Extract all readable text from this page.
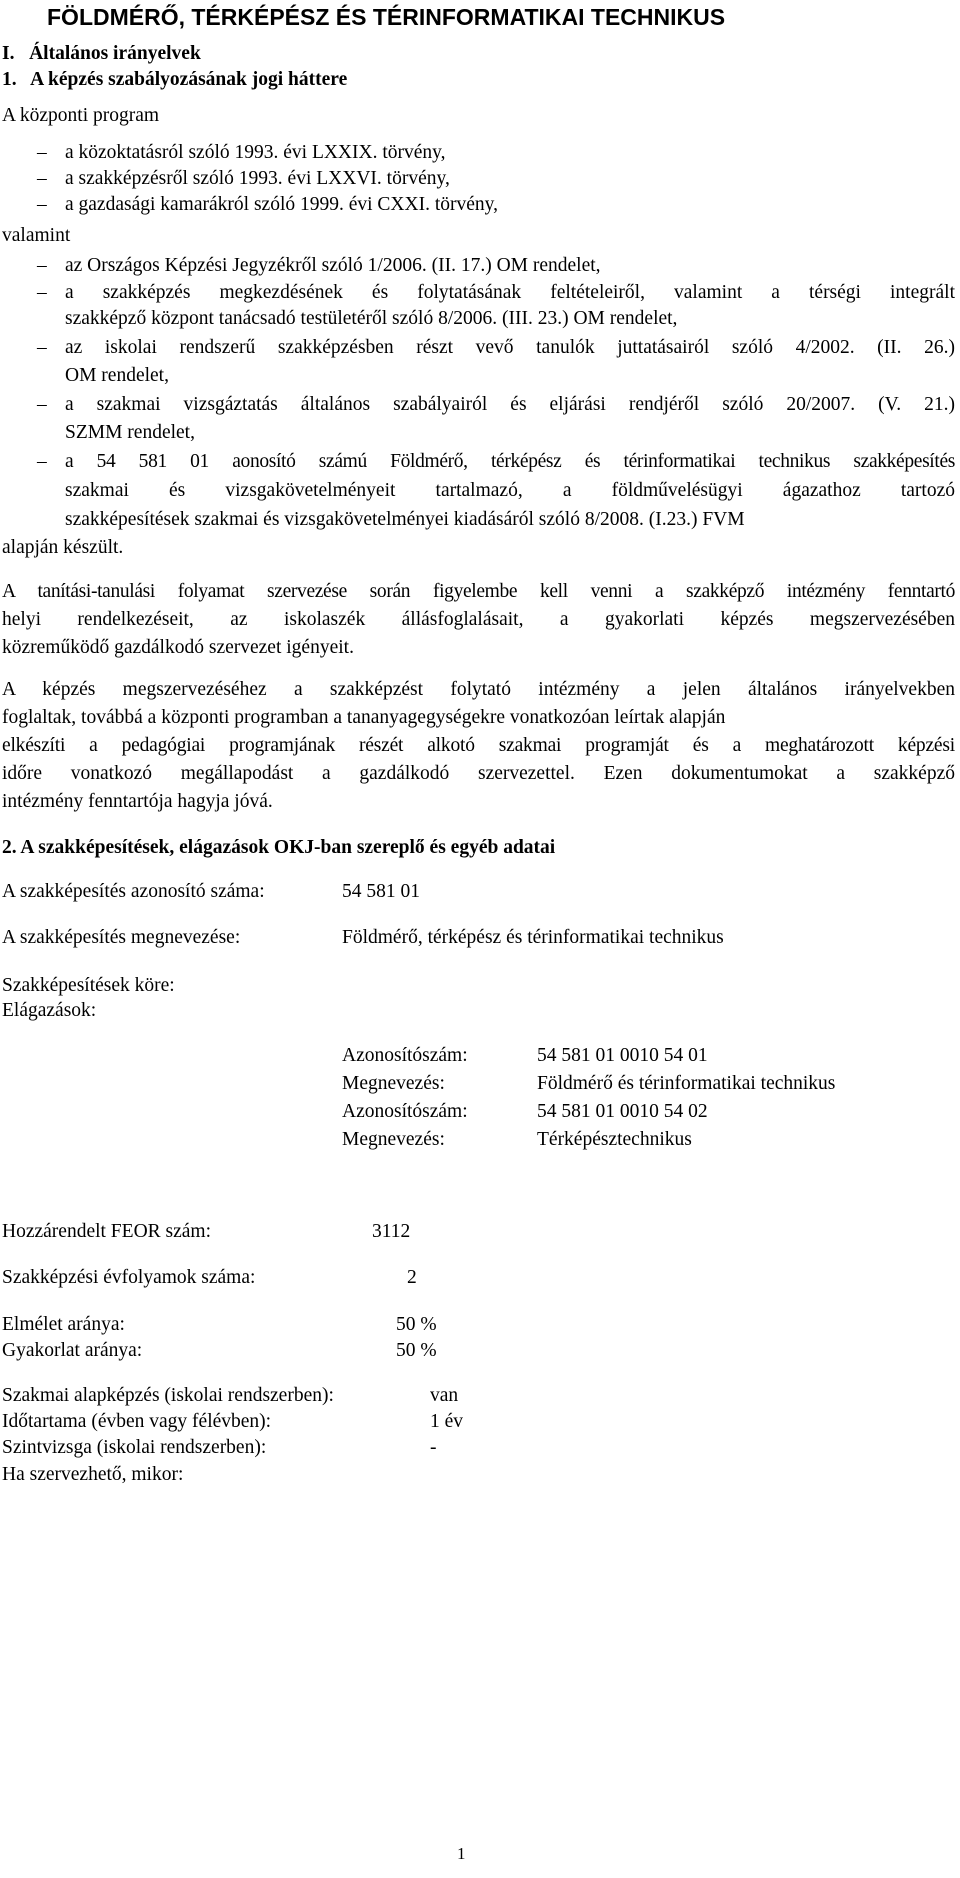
FÖLDMÉRŐ, TÉRKÉPÉSZ ÉS TÉRINFORMATIKAI TECHNIKUS
I.   Általános irányelvek
1.   A képzés szabályozásának jogi háttere
A központi program
– a közoktatásról szóló 1993. évi LXXIX. törvény,
– a szakképzésről szóló 1993. évi LXXVI. törvény,
– a gazdasági kamarákról szóló 1999. évi CXXI. törvény,
valamint
– az Országos Képzési Jegyzékről szóló 1/2006. (II. 17.) OM rendelet,
– a szakképzés megkezdésének és folytatásának feltételeiről, valamint a térségi integrált
szakképző központ tanácsadó testületéről szóló 8/2006. (III. 23.) OM rendelet,
– az iskolai rendszerű szakképzésben részt vevő tanulók juttatásairól szóló 4/2002. (II. 26.)
OM rendelet,
– a szakmai vizsgáztatás általános szabályairól és eljárási rendjéről szóló 20/2007. (V. 21.)
SZMM rendelet,
– a 54 581 01 aonosító számú Földmérő, térképész és térinformatikai technikus szakképesítés
szakmai és vizsgakövetelményeit tartalmazó, a földművelésügyi ágazathoz tartozó
szakképesítések szakmai és vizsgakövetelményei kiadásáról szóló 8/2008. (I.23.) FVM
alapján készült.
A tanítási-tanulási folyamat szervezése során figyelembe kell venni a szakképző intézmény fenntartó
helyi rendelkezéseit, az iskolaszék állásfoglalásait, a gyakorlati képzés megszervezésében
közreműködő gazdálkodó szervezet igényeit.
A képzés megszervezéséhez a szakképzést folytató intézmény a jelen általános irányelvekben
foglaltak, továbbá a központi programban a tananyagegységekre vonatkozóan leírtak alapján
elkészíti a pedagógiai programjának részét alkotó szakmai programját és a meghatározott képzési
időre vonatkozó megállapodást a gazdálkodó szervezettel. Ezen dokumentumokat a szakképző
intézmény fenntartója hagyja jóvá.
2. A szakképesítések, elágazások OKJ-ban szereplő és egyéb adatai
A szakképesítés azonosító száma:	54 581 01
A szakképesítés megnevezése:	Földmérő, térképész és térinformatikai technikus
Szakképesítések köre:
Elágazások:
Azonosítószám:	54 581 01 0010 54 01
Megnevezés:	Földmérő és térinformatikai technikus
Azonosítószám:	54 581 01 0010 54 02
Megnevezés:	Térképésztechnikus
Hozzárendelt FEOR szám:	3112
Szakképzési évfolyamok száma:	2
Elmélet aránya:	50 %
Gyakorlat aránya:	50 %
Szakmai alapképzés (iskolai rendszerben):	van
Időtartama (évben vagy félévben):	1 év
Szintvizsga (iskolai rendszerben):	-
Ha szervezhető, mikor:
1
